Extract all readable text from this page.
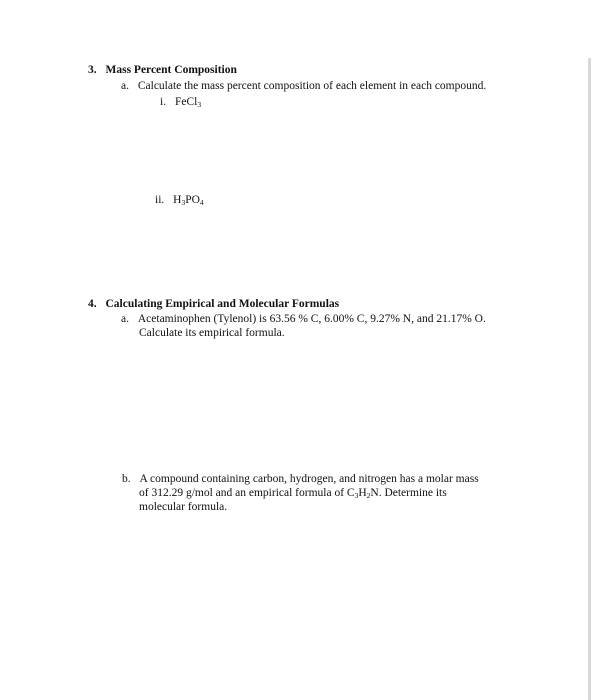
3. Mass Percent Composition
a. Calculate the mass percent composition of each element in each compound.
i. FeCl$_3$
ii. $H_3PO_4$
4. Calculating Empirical and Molecular Formulas
a. Acetaminophen (Tylenol) is 63.56 % C, 6.00% C, 9.27% N, and 21.17% O.
Calculate its empirical formula.
b. A compound containing carbon, hydrogen, and nitrogen has a molar mass
of 312.29 g/mol and an empirical formula of $C_3H_2N$. Determine its
molecular formula.
